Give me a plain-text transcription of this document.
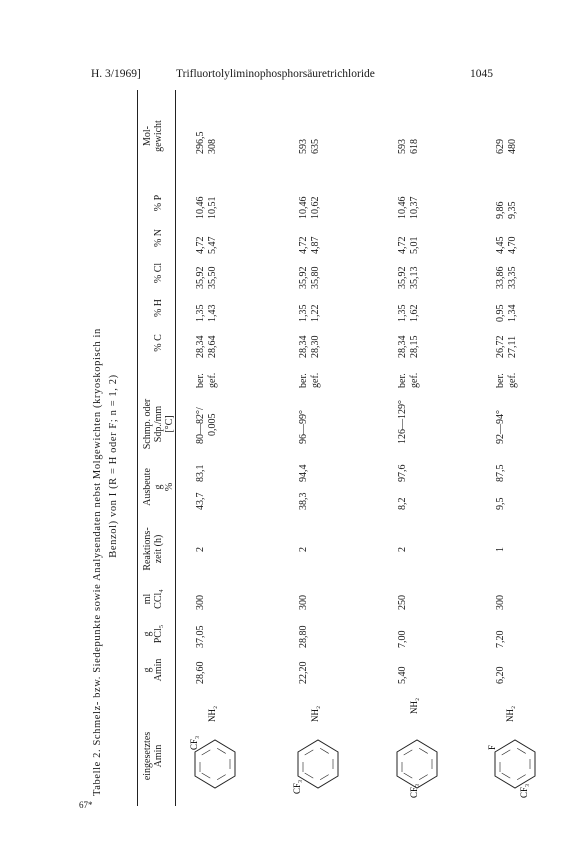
H. 3/1969]	Trifluortolyliminophosphorsäuretrichloride	1045
Tabelle 2. Schmelz- bzw. Siedepunkte sowie Analysendaten nebst Molgewichten (kryoskopisch in Benzol) von I (R = H oder F; n = 1, 2)
eingesetztes Amin
g Amin
g PCl₅
ml CCl₄
Reaktions- zeit (h)
Ausbeute g %
Schmp. oder Sdp./mm [°C]
% C
% H
% Cl
% N
% P
Mol- gewicht
CF₃
NH₂
28,60
37,05
300
2
43,7
83,1
80—82°/ 0,005
ber.
28,34
1,35
35,92
4,72
10,46
296,5
gef.
28,64
1,43
35,50
5,47
10,51
308
CF₃
NH₂
22,20
28,80
300
2
38,3
94,4
96—99°
ber.
28,34
1,35
35,92
4,72
10,46
593
gef.
28,30
1,22
35,80
4,87
10,62
635
CF₃
NH₂
5,40
7,00
250
2
8,2
97,6
126—129°
ber.
28,34
1,35
35,92
4,72
10,46
593
gef.
28,15
1,62
35,13
5,01
10,37
618
CF₃
F
NH₂
6,20
7,20
300
1
9,5
87,5
92—94°
ber.
26,72
0,95
33,86
4,45
9,86
629
gef.
27,11
1,34
33,35
4,70
9,35
480
67*
